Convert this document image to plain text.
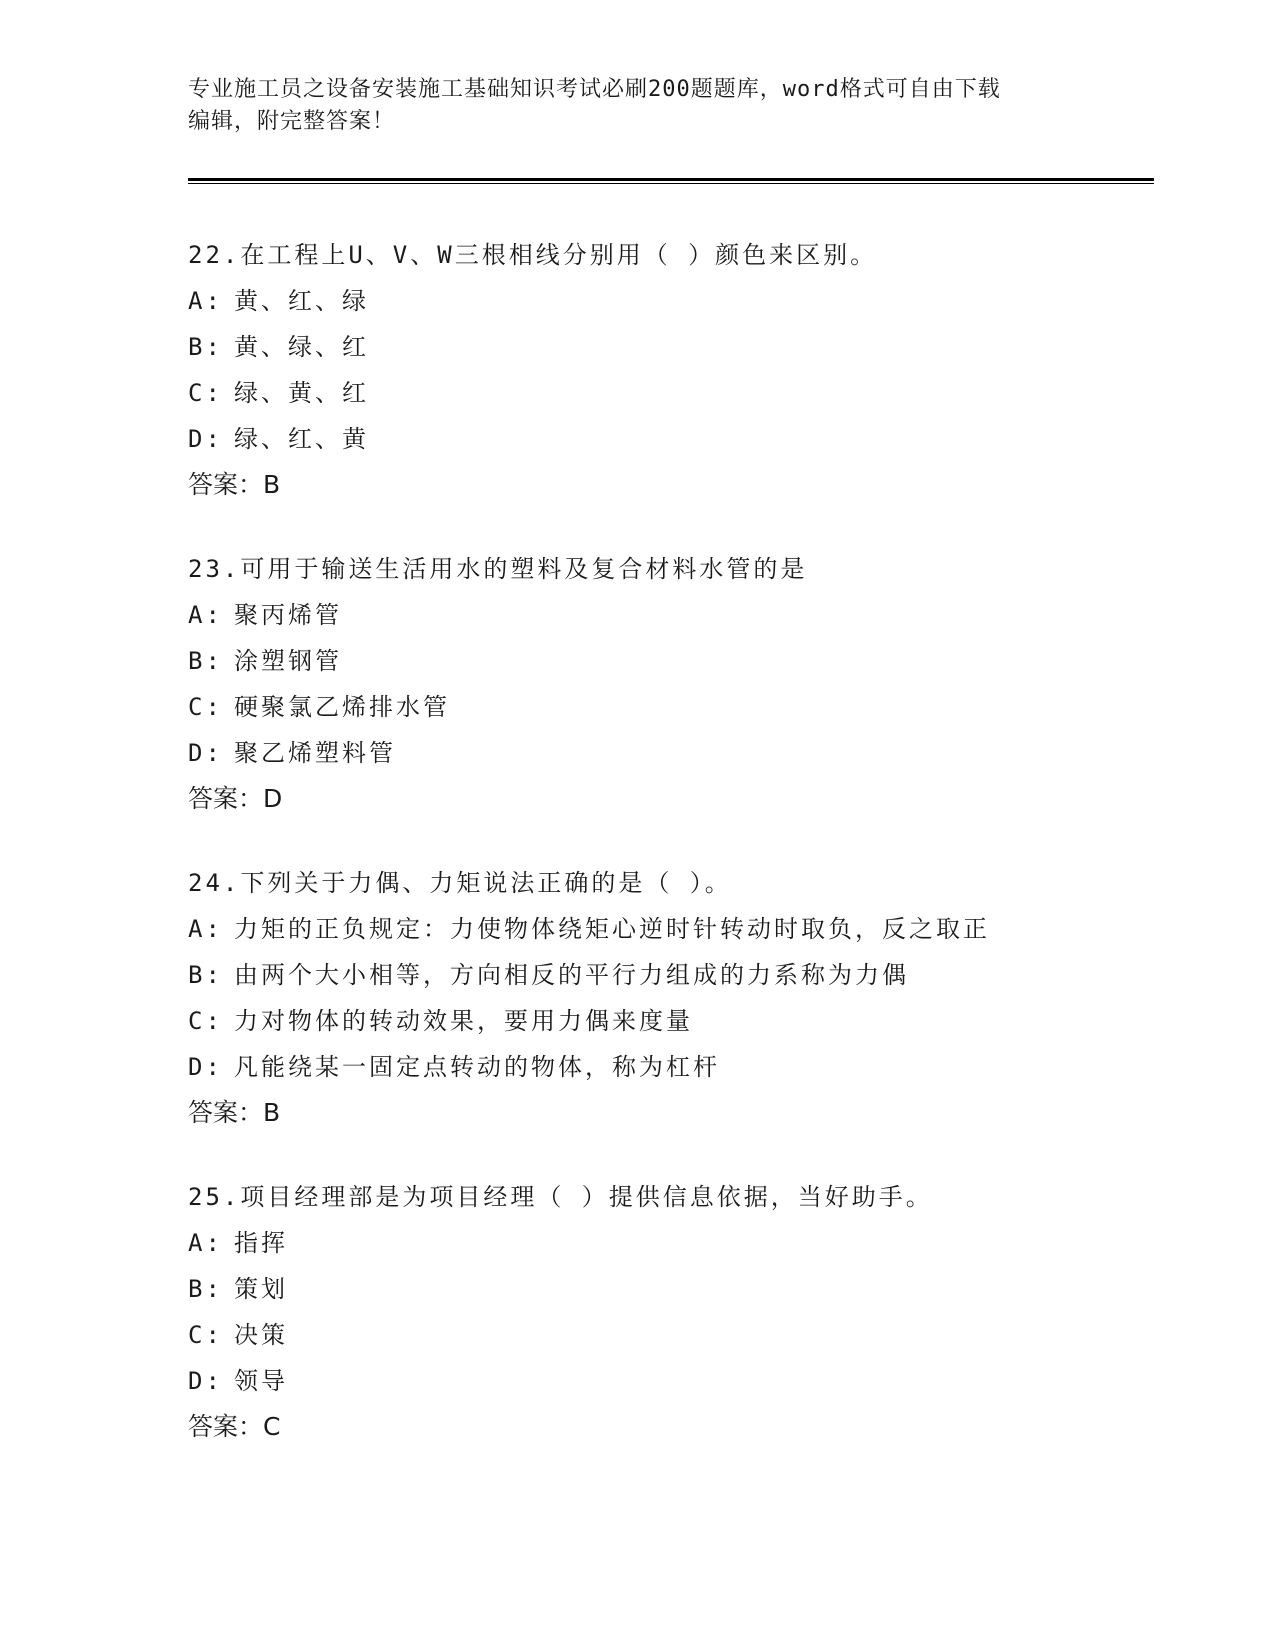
专业施工员之设备安装施工基础知识考试必刷200题题库，word格式可自由下载
编辑，附完整答案！
22.在工程上U、V、W三根相线分别用（ ）颜色来区别。
A: 黄、红、绿
B: 黄、绿、红
C: 绿、黄、红
D: 绿、红、黄
答案：B
23.可用于输送生活用水的塑料及复合材料水管的是
A: 聚丙烯管
B: 涂塑钢管
C: 硬聚氯乙烯排水管
D: 聚乙烯塑料管
答案：D
24.下列关于力偶、力矩说法正确的是（ ）。
A: 力矩的正负规定：力使物体绕矩心逆时针转动时取负，反之取正
B: 由两个大小相等，方向相反的平行力组成的力系称为力偶
C: 力对物体的转动效果，要用力偶来度量
D: 凡能绕某一固定点转动的物体，称为杠杆
答案：B
25.项目经理部是为项目经理（ ）提供信息依据，当好助手。
A: 指挥
B: 策划
C: 决策
D: 领导
答案：C
